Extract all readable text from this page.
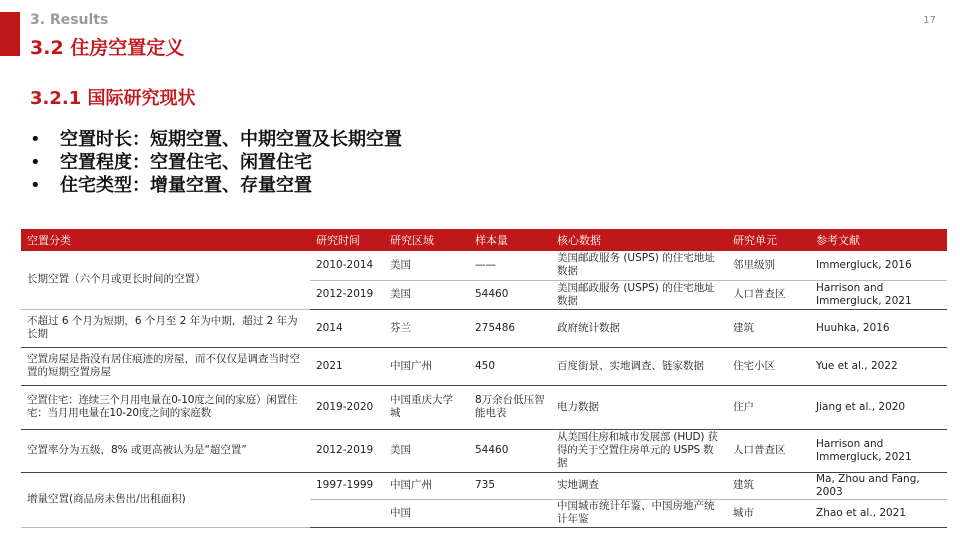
3. Results
3.2 住房空置定义
17
3.2.1 国际研究现状
•	空置时长：短期空置、中期空置及长期空置
•	空置程度：空置住宅、闲置住宅
•	住宅类型：增量空置、存量空置
空置分类	研究时间	研究区域	样本量	核心数据	研究单元	参考文献
长期空置（六个月或更长时间的空置）	2010-2014	美国	——	美国邮政服务 (USPS) 的住宅地址数据	邻里级别	Immergluck, 2016
	2012-2019	美国	54460	美国邮政服务 (USPS) 的住宅地址数据	人口普查区	Harrison and Immergluck, 2021
不超过 6 个月为短期，6 个月至 2 年为中期，超过 2 年为长期	2014	芬兰	275486	政府统计数据	建筑	Huuhka, 2016
空置房屋是指没有居住痕迹的房屋，而不仅仅是调查当时空置的短期空置房屋	2021	中国广州	450	百度街景、实地调查、链家数据	住宅小区	Yue et al., 2022
空置住宅：连续三个月用电量在0-10度之间的家庭）闲置住宅：当月用电量在10-20度之间的家庭数	2019-2020	中国重庆大学城	8万余台低压智能电表	电力数据	住户	Jiang et al., 2020
空置率分为五级，8% 或更高被认为是“超空置”	2012-2019	美国	54460	从美国住房和城市发展部 (HUD) 获得的关于空置住房单元的 USPS 数据	人口普查区	Harrison and Immergluck, 2021
增量空置(商品房未售出/出租面积)	1997-1999	中国广州	735	实地调查	建筑	Ma, Zhou and Fang, 2003
		中国		中国城市统计年鉴、中国房地产统计年鉴	城市	Zhao et al., 2021
